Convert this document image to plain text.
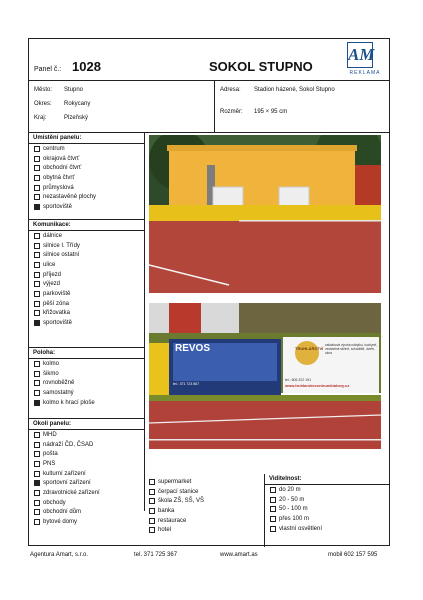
Panel č.: 1028	SOKOL STUPNO
AM
REKLAMA
Město: Stupno
Okres: Rokycany
Kraj:	Plzeňský
Adresa: Stadion házené, Sokol Stupno
Rozměr: 195 × 95 cm
Umístění panelu:
centrum
okrajová čtvrť
obchodní čtvrť
obytná čtvrť
průmyslová
nezastavěné plochy
sportoviště
Komunikace:
dálnice
silnice I. Třídy
silnice ostatní
ulice
příjezd
výjezd
parkoviště
pěší zóna
křižovatka
sportoviště
Poloha:
kolmo
šikmo
rovnoběžně
samostatný
kolmo k hrací ploše
Okolí panelu:
MHD
nádraží ČD, ČSAD
pošta
PNS
kulturní zařízení
sportovní zařízení
zdravotnické zařízení
obchody
obchodní dům
bytové domy
REVOS
tel.: 371 723 567
TRUHLÁŘSTVÍ
zakázková výroba nábytku, kuchyně, vestavěné skříně, schodiště, dveře, okna
tel.: 606 322 191
www.truhlarskecentrumklatovy.cz
supermarket
čerpací stanice
škola ZŠ, SŠ, VŠ
banka
restaurace
hotel
Viditelnost:
do 20 m
20 - 50 m
50 - 100 m
přes 100 m
vlastní osvětlení
Agentura Amart, s.r.o.	tel. 371 725 367	www.amart.as	mobil 602 157 595
